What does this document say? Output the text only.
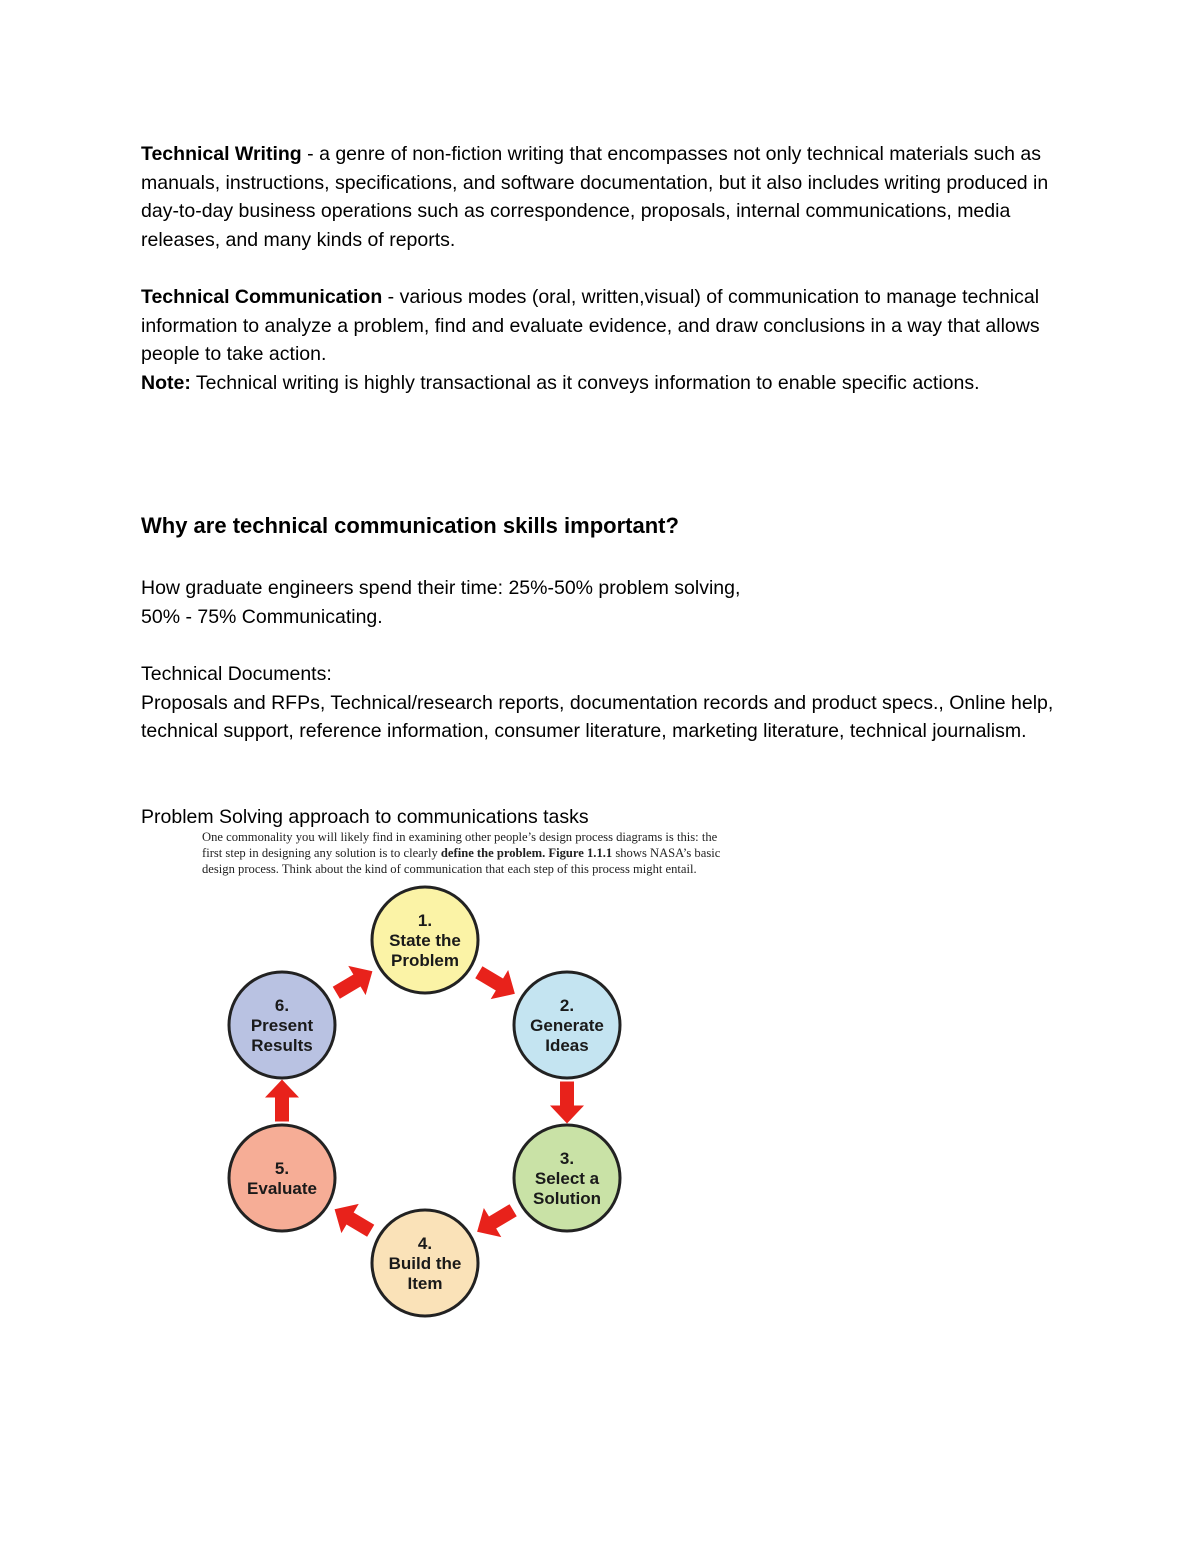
Technical Writing - a genre of non-fiction writing that encompasses not only technical materials such as manuals, instructions, specifications, and software documentation, but it also includes writing produced in day-to-day business operations such as correspondence, proposals, internal communications, media releases, and many kinds of reports.

Technical Communication - various modes (oral, written,visual) of communication to manage technical information to analyze a problem, find and evaluate evidence, and draw conclusions in a way that allows people to take action.
Note: Technical writing is highly transactional as it conveys information to enable specific actions.

Why are technical communication skills important?
How graduate engineers spend their time: 25%-50% problem solving,
50% - 75% Communicating.
Technical Documents:

Proposals and RFPs, Technical/research reports, documentation records and product specs., Online help, technical support, reference information, consumer literature, marketing literature, technical journalism.

Problem Solving approach to communications tasks
One commonality you will likely find in examining other people’s design process diagrams is this: the
first step in designing any solution is to clearly define the problem. Figure 1.1.1 shows NASA’s basic
design process. Think about the kind of communication that each step of this process might entail.
1.
State the
Problem
2.
Generate
Ideas
3.
Select a
Solution
4.
Build the
Item
5.
Evaluate
6.
Present
Results
